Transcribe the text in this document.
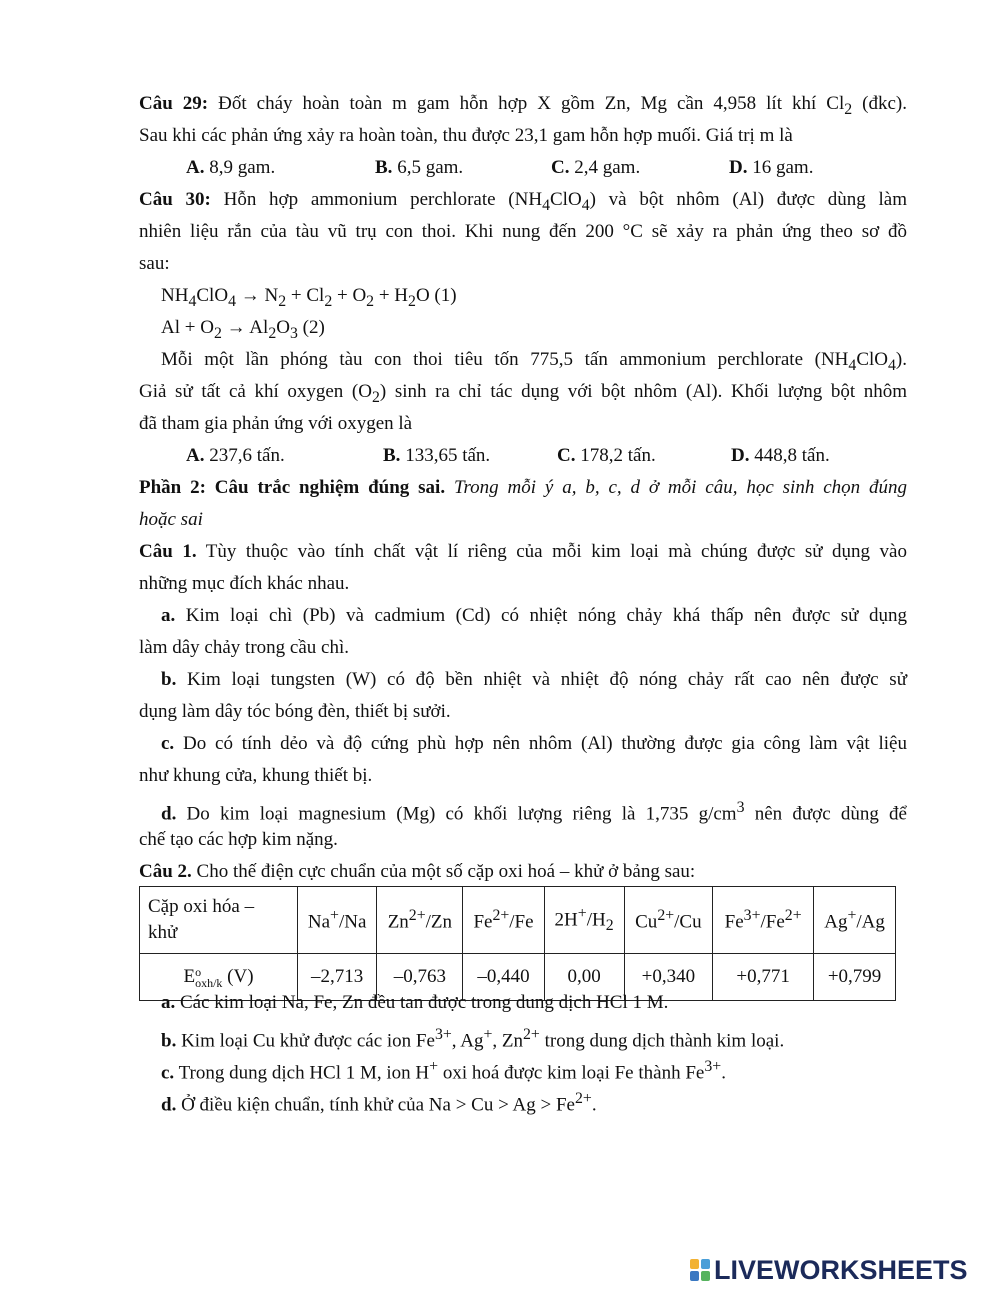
Câu 29: Đốt cháy hoàn toàn m gam hỗn hợp X gồm Zn, Mg cần 4,958 lít khí $Cl_2$ (đkc).
Sau khi các phản ứng xảy ra hoàn toàn, thu được 23,1 gam hỗn hợp muối. Giá trị m là
A. 8,9 gam.	B. 6,5 gam.	C. 2,4 gam.	D. 16 gam.
Câu 30: Hỗn hợp ammonium perchlorate $(NH_4ClO_4)$ và bột nhôm (Al) được dùng làm
nhiên liệu rắn của tàu vũ trụ con thoi. Khi nung đến 200 °C sẽ xảy ra phản ứng theo sơ đồ
sau:
$NH_4ClO_4 \to N_2 + Cl_2 + O_2 + H_2O$ (1)
$Al + O_2 \to Al_2O_3$ (2)
Mỗi một lần phóng tàu con thoi tiêu tốn 775,5 tấn ammonium perchlorate $(NH_4ClO_4)$.
Giả sử tất cả khí oxygen $(O_2)$ sinh ra chỉ tác dụng với bột nhôm (Al). Khối lượng bột nhôm
đã tham gia phản ứng với oxygen là
A. 237,6 tấn.	B. 133,65 tấn.	C. 178,2 tấn.	D. 448,8 tấn.
Phần 2: Câu trắc nghiệm đúng sai. Trong mỗi ý a, b, c, d ở mỗi câu, học sinh chọn đúng
hoặc sai
Câu 1. Tùy thuộc vào tính chất vật lí riêng của mỗi kim loại mà chúng được sử dụng vào
những mục đích khác nhau.
a. Kim loại chì (Pb) và cadmium (Cd) có nhiệt nóng chảy khá thấp nên được sử dụng
làm dây chảy trong cầu chì.
b. Kim loại tungsten (W) có độ bền nhiệt và nhiệt độ nóng chảy rất cao nên được sử
dụng làm dây tóc bóng đèn, thiết bị sưởi.
c. Do có tính dẻo và độ cứng phù hợp nên nhôm (Al) thường được gia công làm vật liệu
như khung cửa, khung thiết bị.
d. Do kim loại magnesium (Mg) có khối lượng riêng là 1,735 $g/cm^3$ nên được dùng để
chế tạo các hợp kim nặng.
Câu 2. Cho thế điện cực chuẩn của một số cặp oxi hoá – khử ở bảng sau:
Cặp oxi hóa –
khử	Na+/Na	$Zn^{2+}/Zn$	$Fe^{2+}/Fe$	$2H^+/H_2$	$Cu^{2+}/Cu$	$Fe^{3+}/Fe^{2+}$	Ag+/Ag
Eo
oxh/k (V)	–2,713	–0,763	–0,440	0,00	+0,340	+0,771	+0,799
a. Các kim loại Na, Fe, Zn đều tan được trong dung dịch HCl 1 M.
b. Kim loại Cu khử được các ion $Fe^{3+}$, Ag+, $Zn^{2+}$ trong dung dịch thành kim loại.
c. Trong dung dịch HCl 1 M, ion H+ oxi hoá được kim loại Fe thành $Fe^{3+}$.
d. Ở điều kiện chuẩn, tính khử của $Na > Cu > Ag > Fe^{2+}$.
LIVEWORKSHEETS
